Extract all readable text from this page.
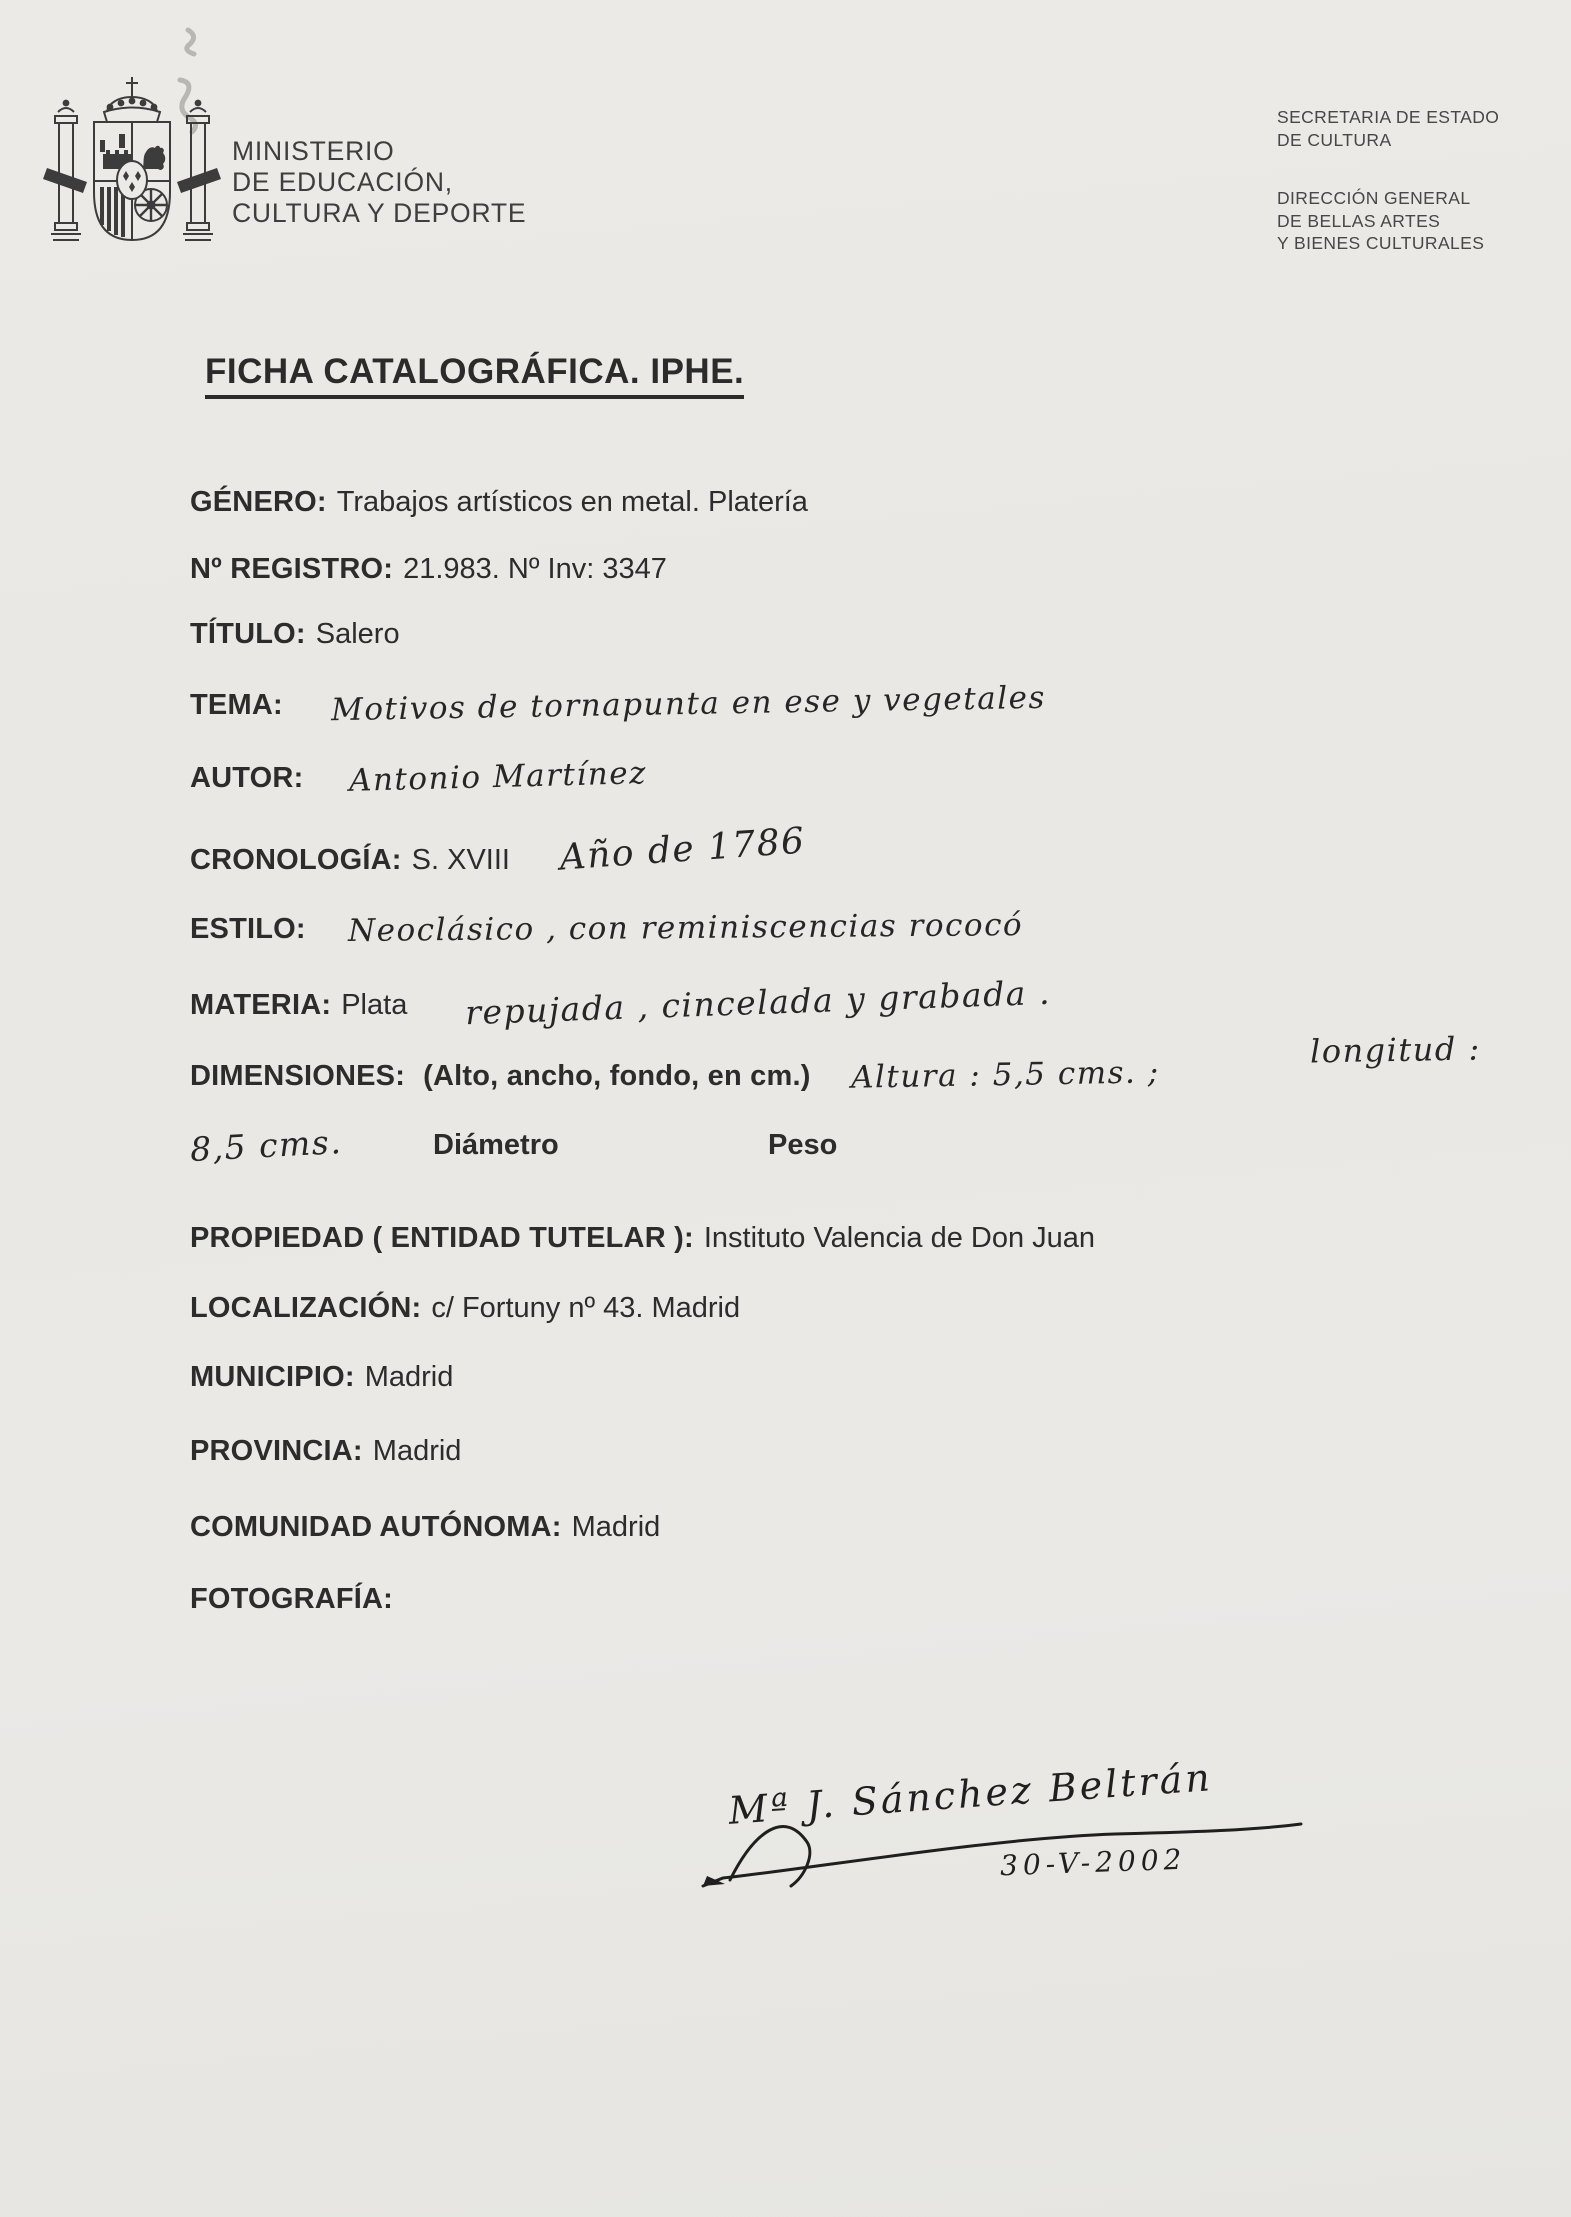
MINISTERIO
DE EDUCACIÓN,
CULTURA Y DEPORTE
SECRETARIA DE ESTADO
DE CULTURA
DIRECCIÓN GENERAL
DE BELLAS ARTES
Y BIENES CULTURALES
FICHA CATALOGRÁFICA. IPHE.
GÉNERO: Trabajos artísticos en metal. Platería
Nº REGISTRO: 21.983. Nº Inv: 3347
TÍTULO: Salero
TEMA: Motivos de tornapunta en ese y vegetales
AUTOR: Antonio Martínez
CRONOLOGÍA: S. XVIII Año de 1786
ESTILO: Neoclásico , con reminiscencias rococó
MATERIA: Plata repujada , cincelada y grabada .
DIMENSIONES: (Alto, ancho, fondo, en cm.) Altura : 5,5 cms. ;
longitud :
8,5 cms.	Diámetro	Peso
PROPIEDAD ( ENTIDAD TUTELAR ): Instituto Valencia de Don Juan
LOCALIZACIÓN: c/ Fortuny nº 43. Madrid
MUNICIPIO: Madrid
PROVINCIA: Madrid
COMUNIDAD AUTÓNOMA: Madrid
FOTOGRAFÍA:
Mª J. Sánchez Beltrán
30-V-2002
